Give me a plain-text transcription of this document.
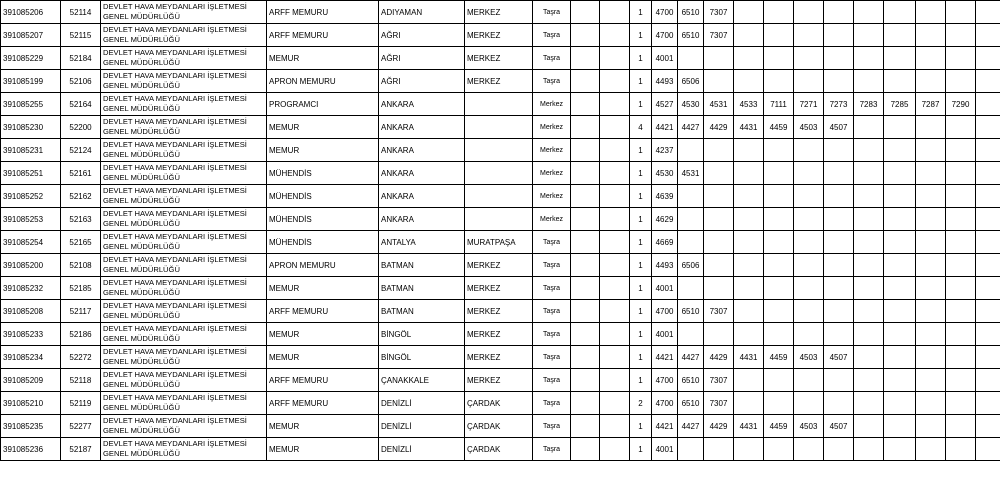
391085206	52114	DEVLET HAVA MEYDANLARI İŞLETMESİ GENEL MÜDÜRLÜĞÜ	ARFF MEMURU	ADIYAMAN	MERKEZ	Taşra			1	4700	6510	7307									
391085207	52115	DEVLET HAVA MEYDANLARI İŞLETMESİ GENEL MÜDÜRLÜĞÜ	ARFF MEMURU	AĞRI	MERKEZ	Taşra			1	4700	6510	7307									
391085229	52184	DEVLET HAVA MEYDANLARI İŞLETMESİ GENEL MÜDÜRLÜĞÜ	MEMUR	AĞRI	MERKEZ	Taşra			1	4001											
391085199	52106	DEVLET HAVA MEYDANLARI İŞLETMESİ GENEL MÜDÜRLÜĞÜ	APRON MEMURU	AĞRI	MERKEZ	Taşra			1	4493	6506										
391085255	52164	DEVLET HAVA MEYDANLARI İŞLETMESİ GENEL MÜDÜRLÜĞÜ	PROGRAMCI	ANKARA		Merkez			1	4527	4530	4531	4533	7111	7271	7273	7283	7285	7287	7290	
391085230	52200	DEVLET HAVA MEYDANLARI İŞLETMESİ GENEL MÜDÜRLÜĞÜ	MEMUR	ANKARA		Merkez			4	4421	4427	4429	4431	4459	4503	4507					
391085231	52124	DEVLET HAVA MEYDANLARI İŞLETMESİ GENEL MÜDÜRLÜĞÜ	MEMUR	ANKARA		Merkez			1	4237											
391085251	52161	DEVLET HAVA MEYDANLARI İŞLETMESİ GENEL MÜDÜRLÜĞÜ	MÜHENDİS	ANKARA		Merkez			1	4530	4531										
391085252	52162	DEVLET HAVA MEYDANLARI İŞLETMESİ GENEL MÜDÜRLÜĞÜ	MÜHENDİS	ANKARA		Merkez			1	4639											
391085253	52163	DEVLET HAVA MEYDANLARI İŞLETMESİ GENEL MÜDÜRLÜĞÜ	MÜHENDİS	ANKARA		Merkez			1	4629											
391085254	52165	DEVLET HAVA MEYDANLARI İŞLETMESİ GENEL MÜDÜRLÜĞÜ	MÜHENDİS	ANTALYA	MURATPAŞA	Taşra			1	4669											
391085200	52108	DEVLET HAVA MEYDANLARI İŞLETMESİ GENEL MÜDÜRLÜĞÜ	APRON MEMURU	BATMAN	MERKEZ	Taşra			1	4493	6506										
391085232	52185	DEVLET HAVA MEYDANLARI İŞLETMESİ GENEL MÜDÜRLÜĞÜ	MEMUR	BATMAN	MERKEZ	Taşra			1	4001											
391085208	52117	DEVLET HAVA MEYDANLARI İŞLETMESİ GENEL MÜDÜRLÜĞÜ	ARFF MEMURU	BATMAN	MERKEZ	Taşra			1	4700	6510	7307									
391085233	52186	DEVLET HAVA MEYDANLARI İŞLETMESİ GENEL MÜDÜRLÜĞÜ	MEMUR	BİNGÖL	MERKEZ	Taşra			1	4001											
391085234	52272	DEVLET HAVA MEYDANLARI İŞLETMESİ GENEL MÜDÜRLÜĞÜ	MEMUR	BİNGÖL	MERKEZ	Taşra			1	4421	4427	4429	4431	4459	4503	4507					
391085209	52118	DEVLET HAVA MEYDANLARI İŞLETMESİ GENEL MÜDÜRLÜĞÜ	ARFF MEMURU	ÇANAKKALE	MERKEZ	Taşra			1	4700	6510	7307									
391085210	52119	DEVLET HAVA MEYDANLARI İŞLETMESİ GENEL MÜDÜRLÜĞÜ	ARFF MEMURU	DENİZLİ	ÇARDAK	Taşra			2	4700	6510	7307									
391085235	52277	DEVLET HAVA MEYDANLARI İŞLETMESİ GENEL MÜDÜRLÜĞÜ	MEMUR	DENİZLİ	ÇARDAK	Taşra			1	4421	4427	4429	4431	4459	4503	4507					
391085236	52187	DEVLET HAVA MEYDANLARI İŞLETMESİ GENEL MÜDÜRLÜĞÜ	MEMUR	DENİZLİ	ÇARDAK	Taşra			1	4001											
